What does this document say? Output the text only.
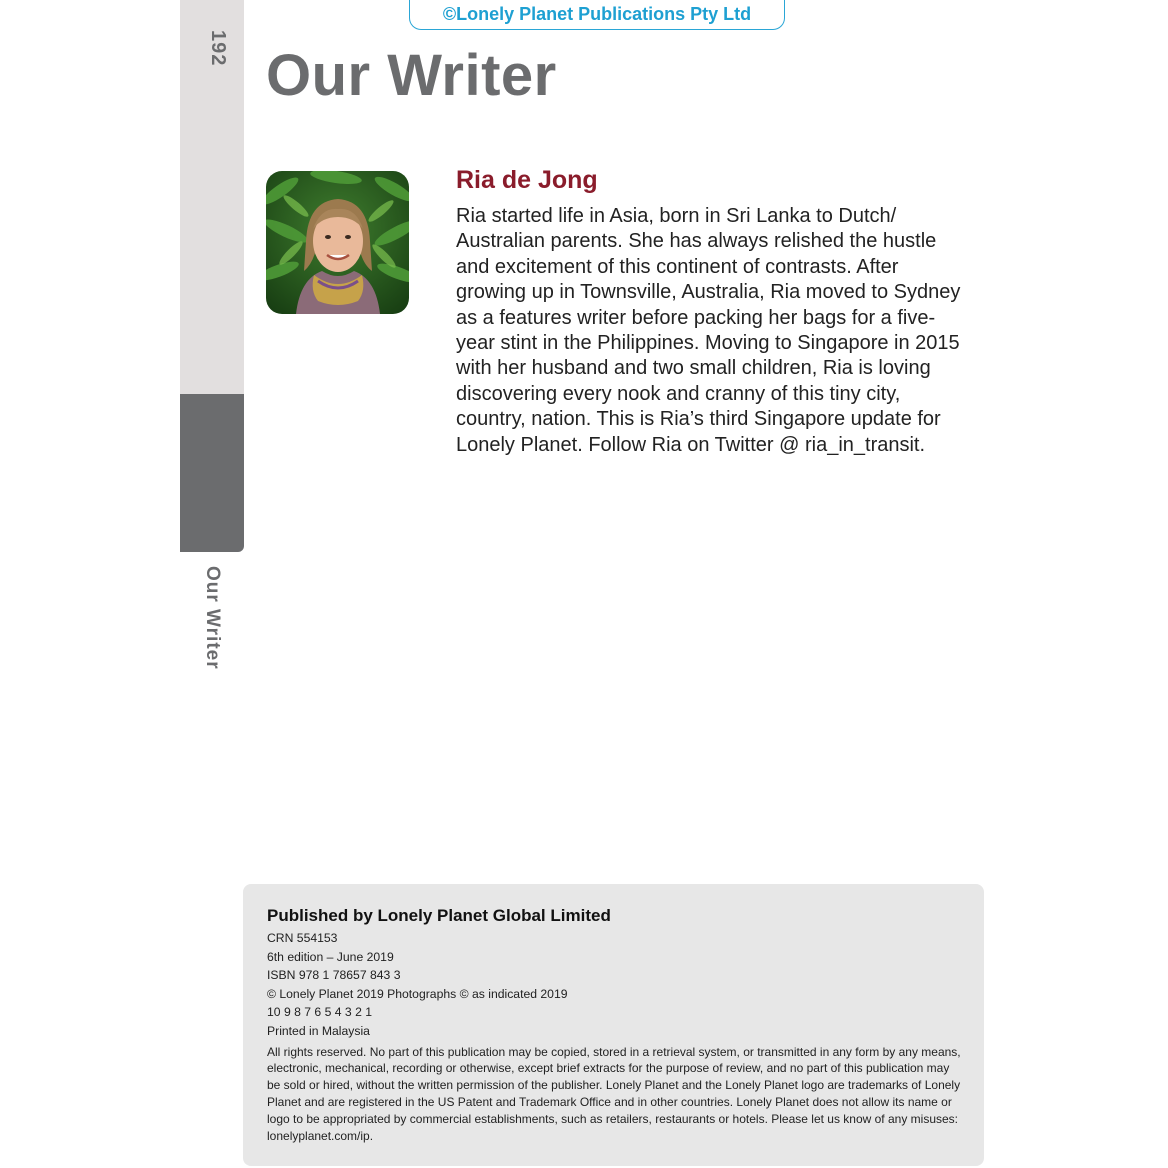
©Lonely Planet Publications Pty Ltd
192
Our Writer
Our Writer
Ria de Jong

Ria started life in Asia, born in Sri Lanka to Dutch/ Australian parents. She has always relished the hustle and excitement of this continent of contrasts. After growing up in Townsville, Australia, Ria moved to Sydney as a features writer before packing her bags for a five-year stint in the Philippines. Moving to Singapore in 2015 with her husband and two small children, Ria is loving discovering every nook and cranny of this tiny city, country, nation. This is Ria’s third Singapore update for Lonely Planet. Follow Ria on Twitter @ ria_in_transit.

Published by Lonely Planet Global Limited

CRN 554153

6th edition – June 2019

ISBN 978 1 78657 843 3

© Lonely Planet 2019 Photographs © as indicated 2019

10 9 8 7 6 5 4 3 2 1

Printed in Malaysia

All rights reserved. No part of this publication may be copied, stored in a retrieval system, or transmitted in any form by any means, electronic, mechanical, recording or otherwise, except brief extracts for the purpose of review, and no part of this publication may be sold or hired, without the written permission of the publisher. Lonely Planet and the Lonely Planet logo are trademarks of Lonely Planet and are registered in the US Patent and Trademark Office and in other countries. Lonely Planet does not allow its name or logo to be appropriated by commercial establishments, such as retailers, restaurants or hotels. Please let us know of any misuses: lonelyplanet.com/ip.
